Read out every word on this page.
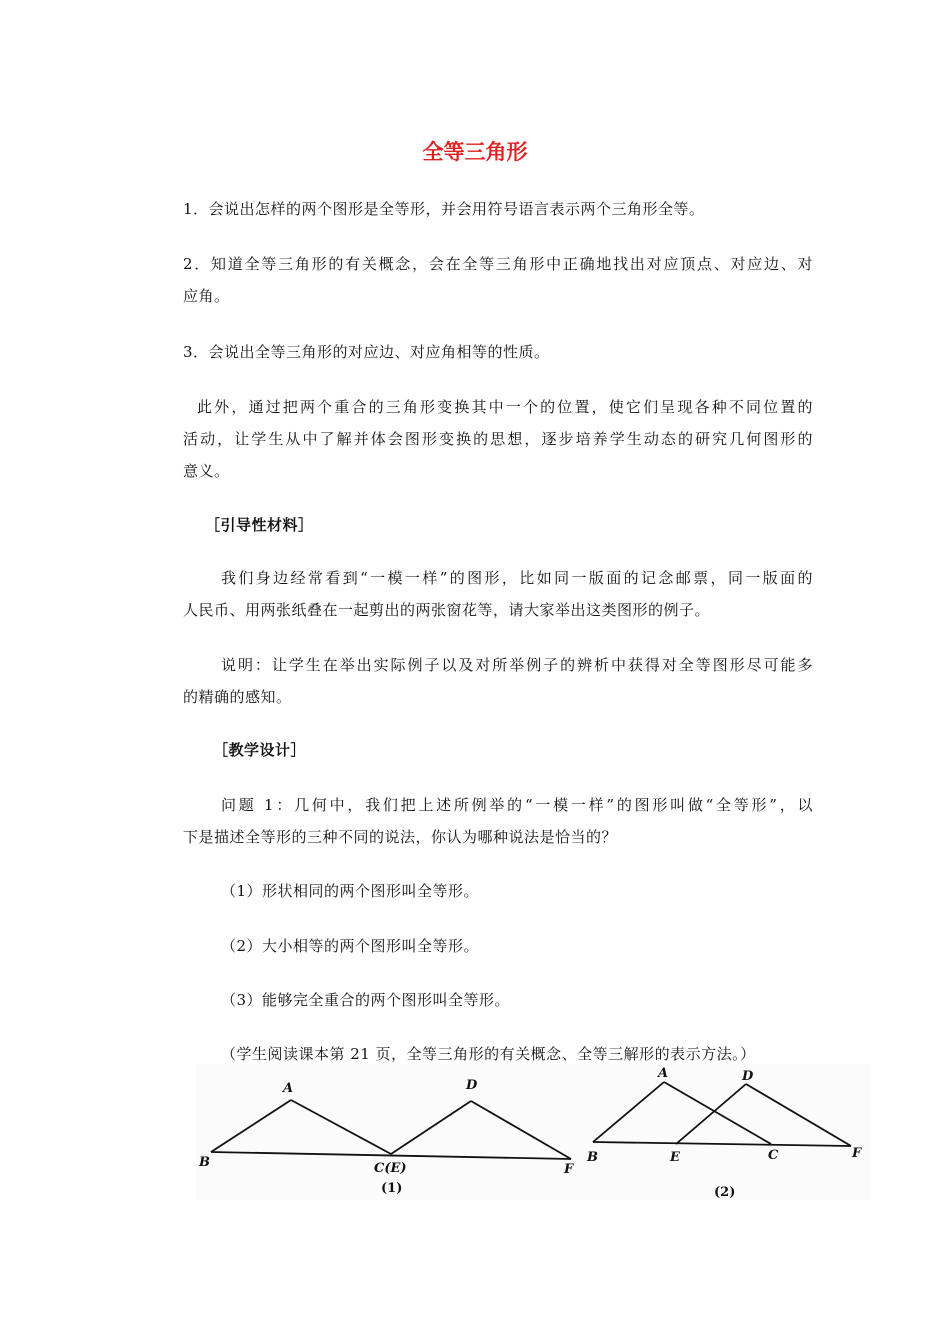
全等三角形
1．会说出怎样的两个图形是全等形，并会用符号语言表示两个三角形全等。
2．知道全等三角形的有关概念，会在全等三角形中正确地找出对应顶点、对应边、对
应角。
3．会说出全等三角形的对应边、对应角相等的性质。
此外，通过把两个重合的三角形变换其中一个的位置，使它们呈现各种不同位置的
活动，让学生从中了解并体会图形变换的思想，逐步培养学生动态的研究几何图形的
意义。
［引导性材料］
我们身边经常看到“一模一样”的图形，比如同一版面的记念邮票，同一版面的
人民币、用两张纸叠在一起剪出的两张窗花等，请大家举出这类图形的例子。
说明：让学生在举出实际例子以及对所举例子的辨析中获得对全等图形尽可能多
的精确的感知。
［教学设计］
问题 1：几何中，我们把上述所例举的“一模一样”的图形叫做“全等形”，以
下是描述全等形的三种不同的说法，你认为哪种说法是恰当的？
（1）形状相同的两个图形叫全等形。
（2）大小相等的两个图形叫全等形。
（3）能够完全重合的两个图形叫全等形。
（学生阅读课本第 21 页，全等三角形的有关概念、全等三解形的表示方法。）
A
B	C(E)
D
F
(1)
A
B	C
D
E	F
(2)
